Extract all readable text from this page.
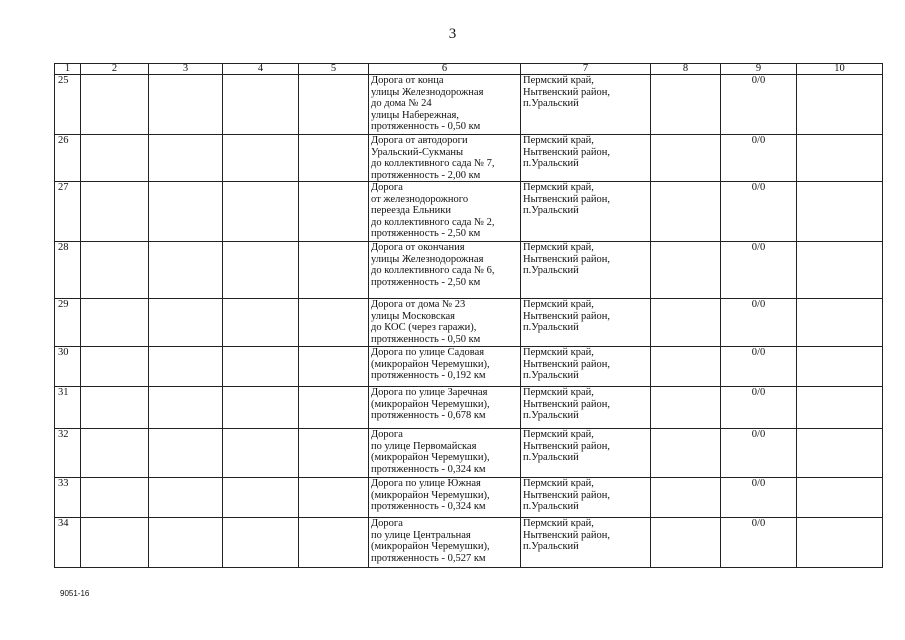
3
1	2	3	4	5	6	7	8	9	10
25					Дорога от конца
улицы Железнодорожная
до дома № 24
улицы Набережная,
протяженность - 0,50 км	Пермский край,
Нытвенский район,
п.Уральский		0/0	
26					Дорога от автодороги
Уральский-Сукманы
до коллективного сада № 7,
протяженность - 2,00 км	Пермский край,
Нытвенский район,
п.Уральский		0/0	
27					Дорога
от железнодорожного
переезда Ельники
до коллективного сада № 2,
протяженность - 2,50 км	Пермский край,
Нытвенский район,
п.Уральский		0/0	
28					Дорога от окончания
улицы Железнодорожная
до коллективного сада № 6,
протяженность - 2,50 км	Пермский край,
Нытвенский район,
п.Уральский		0/0	
29					Дорога от дома № 23
улицы Московская
до КОС (через гаражи),
протяженность - 0,50 км	Пермский край,
Нытвенский район,
п.Уральский		0/0	
30					Дорога по улице Садовая
(микрорайон Черемушки),
протяженность - 0,192 км	Пермский край,
Нытвенский район,
п.Уральский		0/0	
31					Дорога по улице Заречная
(микрорайон Черемушки),
протяженность - 0,678 км	Пермский край,
Нытвенский район,
п.Уральский		0/0	
32					Дорога
по улице Первомайская
(микрорайон Черемушки),
протяженность - 0,324 км	Пермский край,
Нытвенский район,
п.Уральский		0/0	
33					Дорога по улице Южная
(микрорайон Черемушки),
протяженность - 0,324 км	Пермский край,
Нытвенский район,
п.Уральский		0/0	
34					Дорога
по улице Центральная
(микрорайон Черемушки),
протяженность - 0,527 км	Пермский край,
Нытвенский район,
п.Уральский		0/0	
9051-16
